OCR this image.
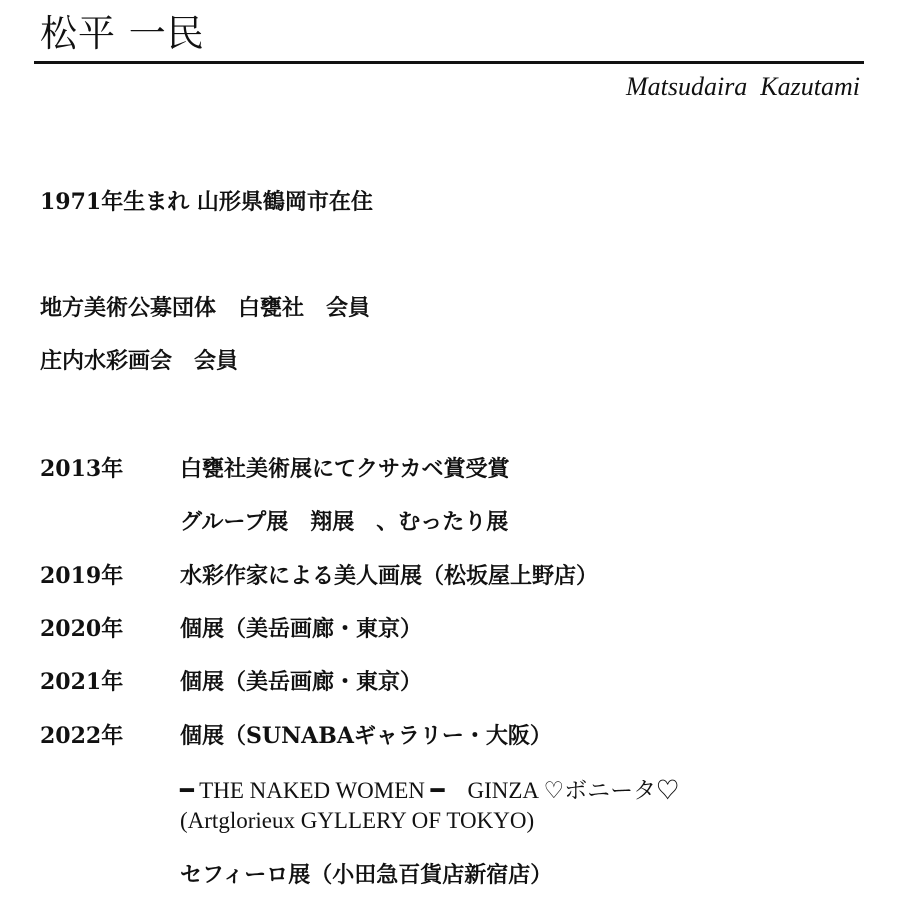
松平 一民
Matsudaira  Kazutami
1971年生まれ 山形県鶴岡市在住
地方美術公募団体　白甕社　会員
庄内水彩画会　会員
2013年	白甕社美術展にてクサカベ賞受賞
グループ展　翔展　、むったり展
2019年	水彩作家による美人画展（松坂屋上野店）
2020年	個展（美岳画廊・東京）
2021年	個展（美岳画廊・東京）
2022年	個展（SUNABAギャラリー・大阪）
━ THE NAKED WOMEN ━　GINZA ♡ボニータ♡
(Artglorieux GYLLERY OF TOKYO)
セフィーロ展（小田急百貨店新宿店）
